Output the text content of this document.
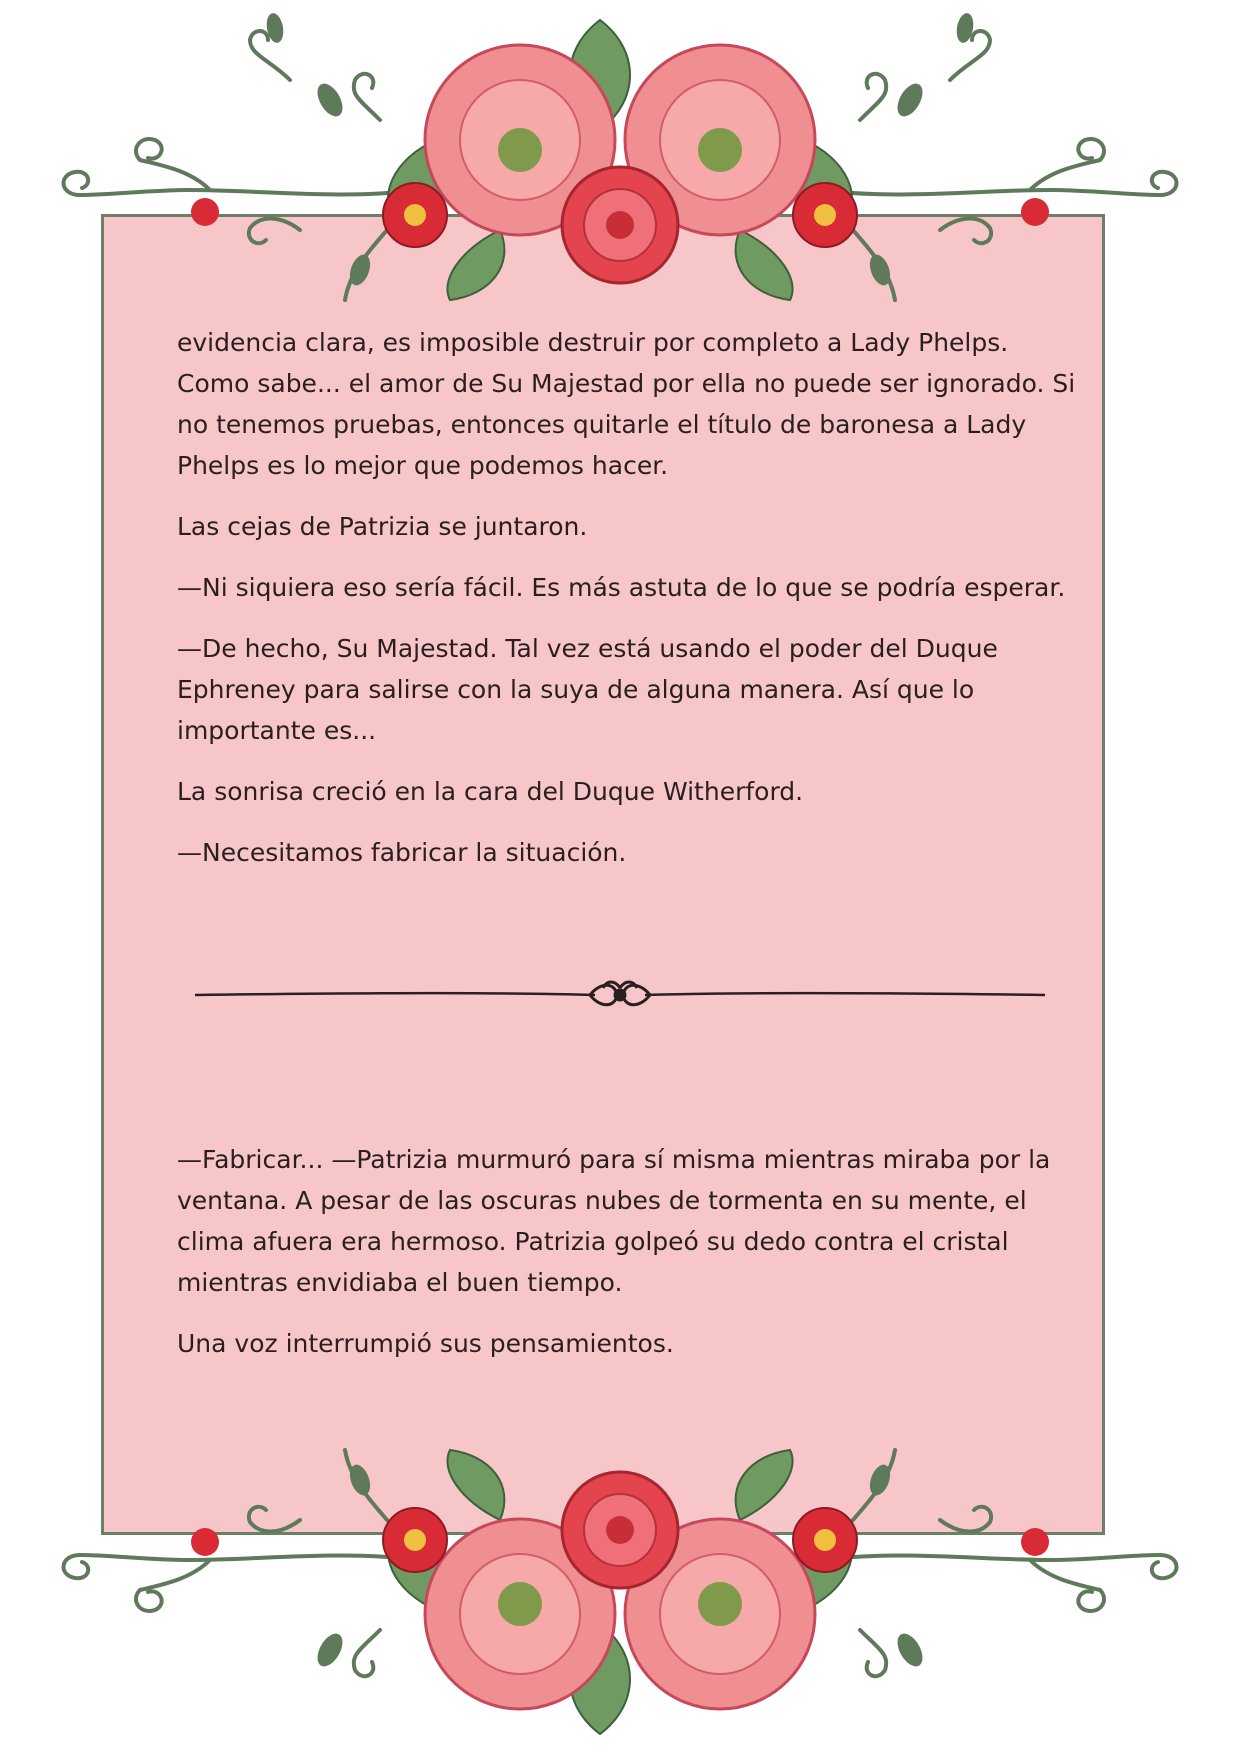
evidencia clara, es imposible destruir por completo a Lady Phelps. Como sabe... el amor de Su Majestad por ella no puede ser ignorado. Si no tenemos pruebas, entonces quitarle el título de baronesa a Lady Phelps es lo mejor que podemos hacer.

Las cejas de Patrizia se juntaron.

—Ni siquiera eso sería fácil. Es más astuta de lo que se podría esperar.

—De hecho, Su Majestad. Tal vez está usando el poder del Duque Ephreney para salirse con la suya de alguna manera. Así que lo importante es...

La sonrisa creció en la cara del Duque Witherford.

—Necesitamos fabricar la situación.

—Fabricar... —Patrizia murmuró para sí misma mientras miraba por la ventana. A pesar de las oscuras nubes de tormenta en su mente, el clima afuera era hermoso. Patrizia golpeó su dedo contra el cristal mientras envidiaba el buen tiempo.

Una voz interrumpió sus pensamientos.
